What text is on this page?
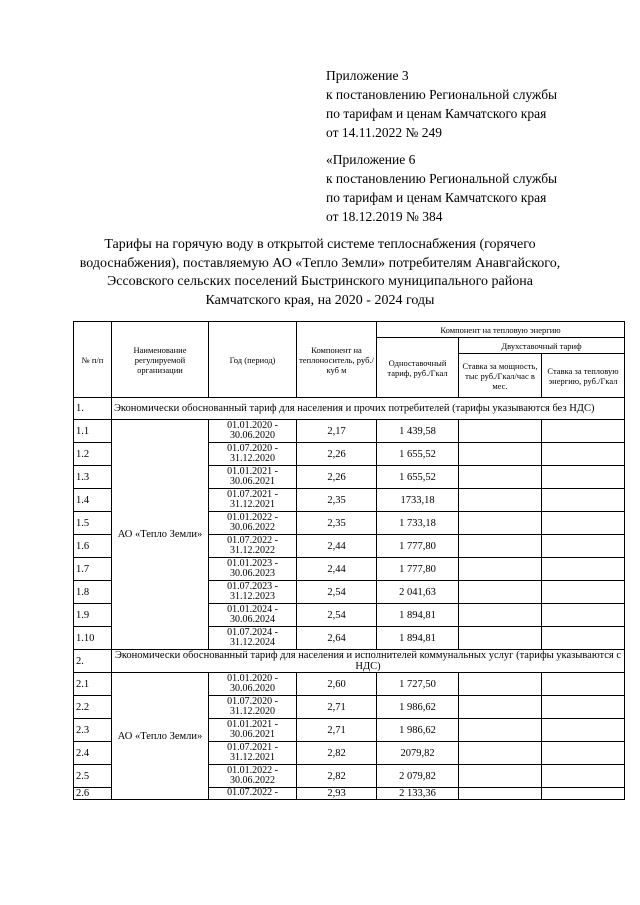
Приложение 3
к постановлению Региональной службы
по тарифам и ценам Камчатского края
от 14.11.2022 № 249
«Приложение 6
к постановлению Региональной службы
по тарифам и ценам Камчатского края
от 18.12.2019 № 384
Тарифы на горячую воду в открытой системе теплоснабжения (горячего
водоснабжения), поставляемую АО «Тепло Земли» потребителям Анавгайского,
Эссовского сельских поселений Быстринского муниципального района
Камчатского края, на 2020 - 2024 годы
№ п/п	Наименование регулируемой организации	Год (период)	Компонент на теплоноситель, руб./куб м	Компонент на тепловую энергию		
				Одноставочный тариф, руб./Гкал	Двухставочный тариф	
					Ставка за мощность, тыс руб./Гкал/час в мес.	Ставка за тепловую энергию, руб./Гкал
1.	Экономически обоснованный тариф для населения и прочих потребителей (тарифы указываются без НДС)					
1.1	АО «Тепло Земли»	01.01.2020 - 30.06.2020	2,17	1 439,58		
1.2		01.07.2020 - 31.12.2020	2,26	1 655,52		
1.3		01.01.2021 - 30.06.2021	2,26	1 655,52		
1.4		01.07.2021 - 31.12.2021	2,35	1733,18		
1.5		01.01.2022 - 30.06.2022	2,35	1 733,18		
1.6		01.07.2022 - 31.12.2022	2,44	1 777,80		
1.7		01.01.2023 - 30.06.2023	2,44	1 777,80		
1.8		01.07.2023 - 31.12.2023	2,54	2 041,63		
1.9		01.01.2024 - 30.06.2024	2,54	1 894,81		
1.10		01.07.2024 - 31.12.2024	2,64	1 894,81		
2.	Экономически обоснованный тариф для населения и исполнителей коммунальных услуг (тарифы указываются с НДС)					
2.1	АО «Тепло Земли»	01.01.2020 - 30.06.2020	2,60	1 727,50		
2.2		01.07.2020 - 31.12.2020	2,71	1 986,62		
2.3		01.01.2021 - 30.06.2021	2,71	1 986,62		
2.4		01.07.2021 - 31.12.2021	2,82	2079,82		
2.5		01.01.2022 - 30.06.2022	2,82	2 079,82		
2.6		01.07.2022 -	2,93	2 133,36		
